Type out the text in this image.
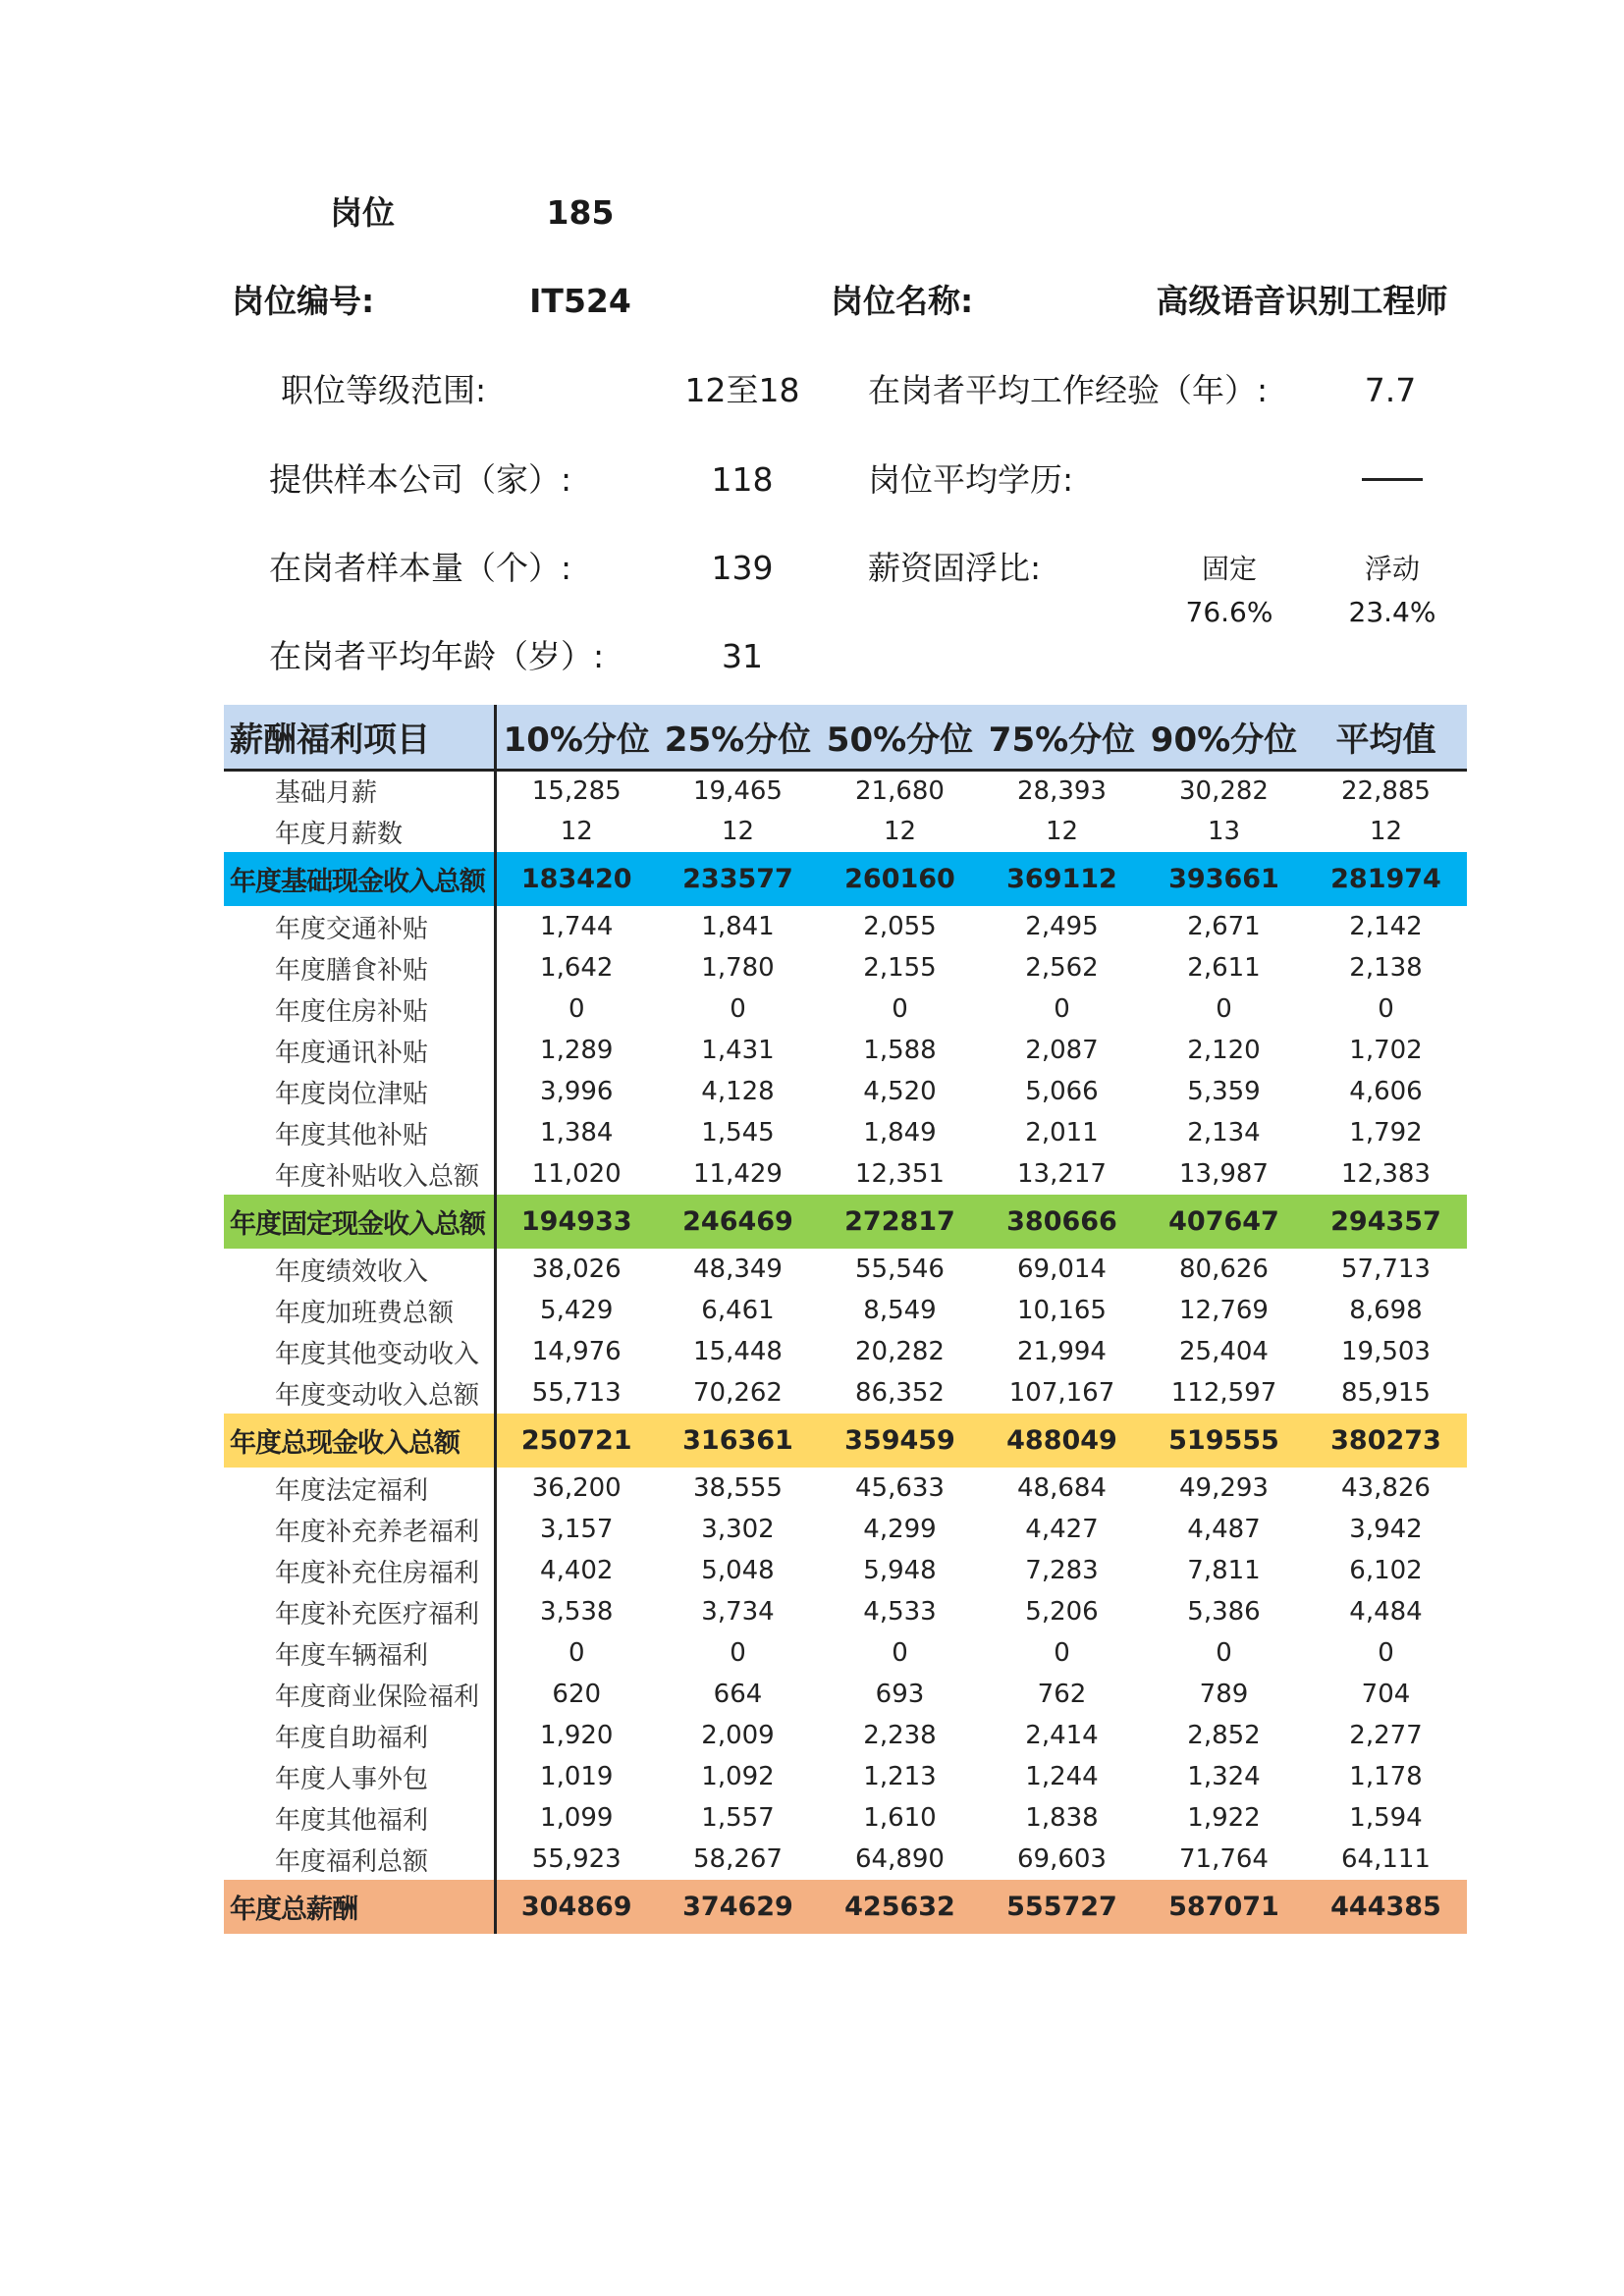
岗位	185
岗位编号:	IT524	岗位名称:	高级语音识别工程师
职位等级范围:	12至18 在岗者平均工作经验（年）:	7.7
提供样本公司（家）:	118	岗位平均学历:
在岗者样本量（个）:	139	薪资固浮比:	固定	浮动
76.6%	23.4%
在岗者平均年龄（岁）:	31
薪酬福利项目	10%分位	25%分位	50%分位	75%分位	90%分位	平均值
基础月薪	15,285	19,465	21,680	28,393	30,282	22,885
年度月薪数	12	12	12	12	13	12
年度基础现金收入总额	183420	233577	260160	369112	393661	281974
年度交通补贴	1,744	1,841	2,055	2,495	2,671	2,142
年度膳食补贴	1,642	1,780	2,155	2,562	2,611	2,138
年度住房补贴	0	0	0	0	0	0
年度通讯补贴	1,289	1,431	1,588	2,087	2,120	1,702
年度岗位津贴	3,996	4,128	4,520	5,066	5,359	4,606
年度其他补贴	1,384	1,545	1,849	2,011	2,134	1,792
年度补贴收入总额	11,020	11,429	12,351	13,217	13,987	12,383
年度固定现金收入总额	194933	246469	272817	380666	407647	294357
年度绩效收入	38,026	48,349	55,546	69,014	80,626	57,713
年度加班费总额	5,429	6,461	8,549	10,165	12,769	8,698
年度其他变动收入	14,976	15,448	20,282	21,994	25,404	19,503
年度变动收入总额	55,713	70,262	86,352	107,167	112,597	85,915
年度总现金收入总额	250721	316361	359459	488049	519555	380273
年度法定福利	36,200	38,555	45,633	48,684	49,293	43,826
年度补充养老福利	3,157	3,302	4,299	4,427	4,487	3,942
年度补充住房福利	4,402	5,048	5,948	7,283	7,811	6,102
年度补充医疗福利	3,538	3,734	4,533	5,206	5,386	4,484
年度车辆福利	0	0	0	0	0	0
年度商业保险福利	620	664	693	762	789	704
年度自助福利	1,920	2,009	2,238	2,414	2,852	2,277
年度人事外包	1,019	1,092	1,213	1,244	1,324	1,178
年度其他福利	1,099	1,557	1,610	1,838	1,922	1,594
年度福利总额	55,923	58,267	64,890	69,603	71,764	64,111
年度总薪酬	304869	374629	425632	555727	587071	444385
